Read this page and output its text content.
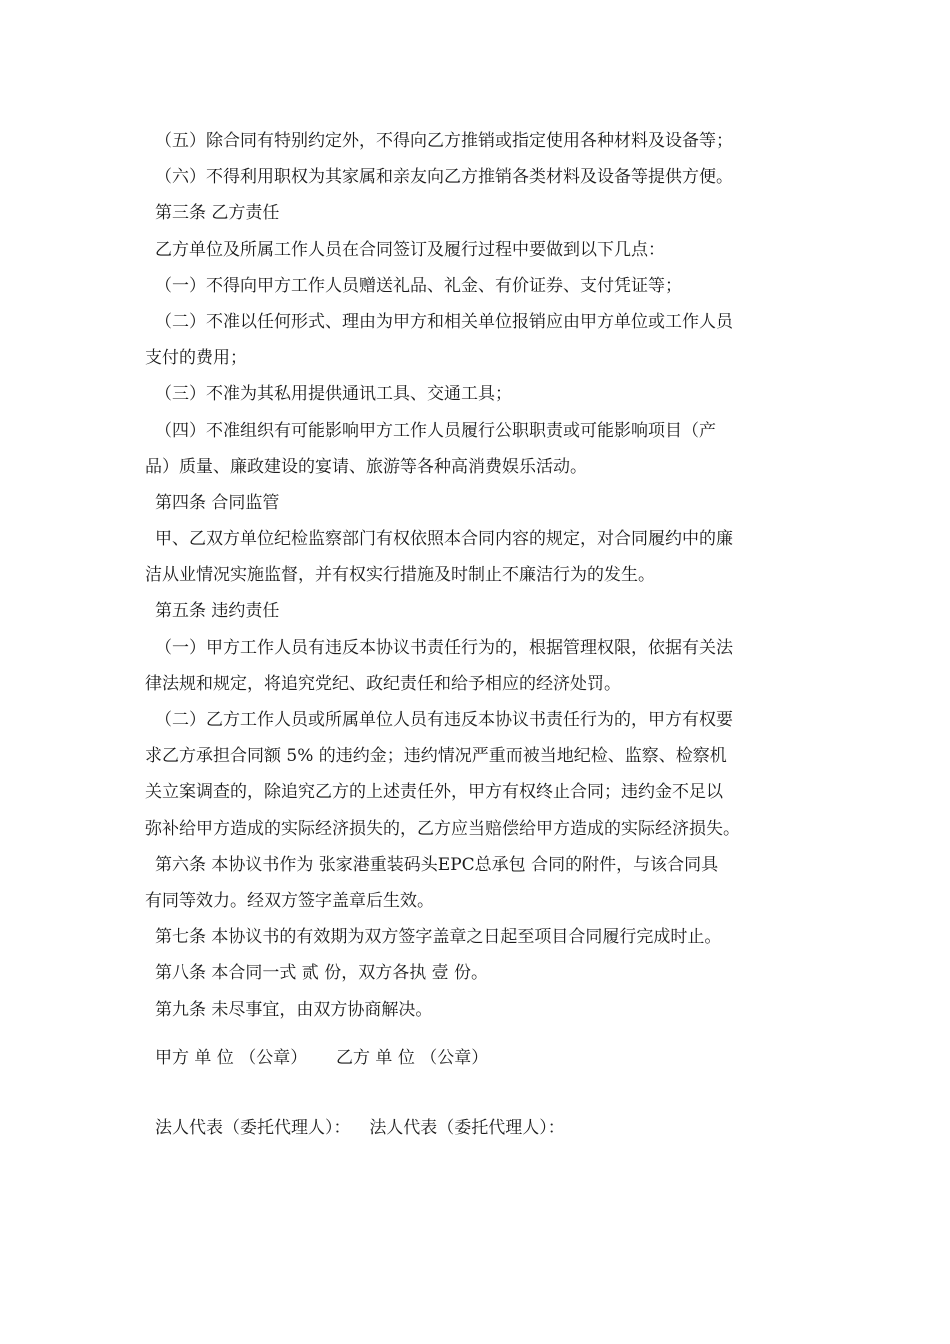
（五）除合同有特别约定外，不得向乙方推销或指定使用各种材料及设备等；
（六）不得利用职权为其家属和亲友向乙方推销各类材料及设备等提供方便。
第三条 乙方责任
乙方单位及所属工作人员在合同签订及履行过程中要做到以下几点：
（一）不得向甲方工作人员赠送礼品、礼金、有价证券、支付凭证等；
（二）不准以任何形式、理由为甲方和相关单位报销应由甲方单位或工作人员
支付的费用；
（三）不准为其私用提供通讯工具、交通工具；
（四）不准组织有可能影响甲方工作人员履行公职职责或可能影响项目（产
品）质量、廉政建设的宴请、旅游等各种高消费娱乐活动。
第四条 合同监管
甲、乙双方单位纪检监察部门有权依照本合同内容的规定，对合同履约中的廉
洁从业情况实施监督，并有权实行措施及时制止不廉洁行为的发生。
第五条 违约责任
（一）甲方工作人员有违反本协议书责任行为的，根据管理权限，依据有关法
律法规和规定，将追究党纪、政纪责任和给予相应的经济处罚。
（二）乙方工作人员或所属单位人员有违反本协议书责任行为的，甲方有权要
求乙方承担合同额 5% 的违约金；违约情况严重而被当地纪检、监察、检察机
关立案调查的，除追究乙方的上述责任外，甲方有权终止合同；违约金不足以
弥补给甲方造成的实际经济损失的，乙方应当赔偿给甲方造成的实际经济损失。
第六条 本协议书作为 张家港重装码头EPC总承包 合同的附件，与该合同具
有同等效力。经双方签字盖章后生效。
第七条 本协议书的有效期为双方签字盖章之日起至项目合同履行完成时止。
第八条 本合同一式 贰 份，双方各执 壹 份。
第九条 未尽事宜，由双方协商解决。
甲方 单 位 （公章） 乙方 单 位 （公章）
法人代表（委托代理人）： 法人代表（委托代理人）：
